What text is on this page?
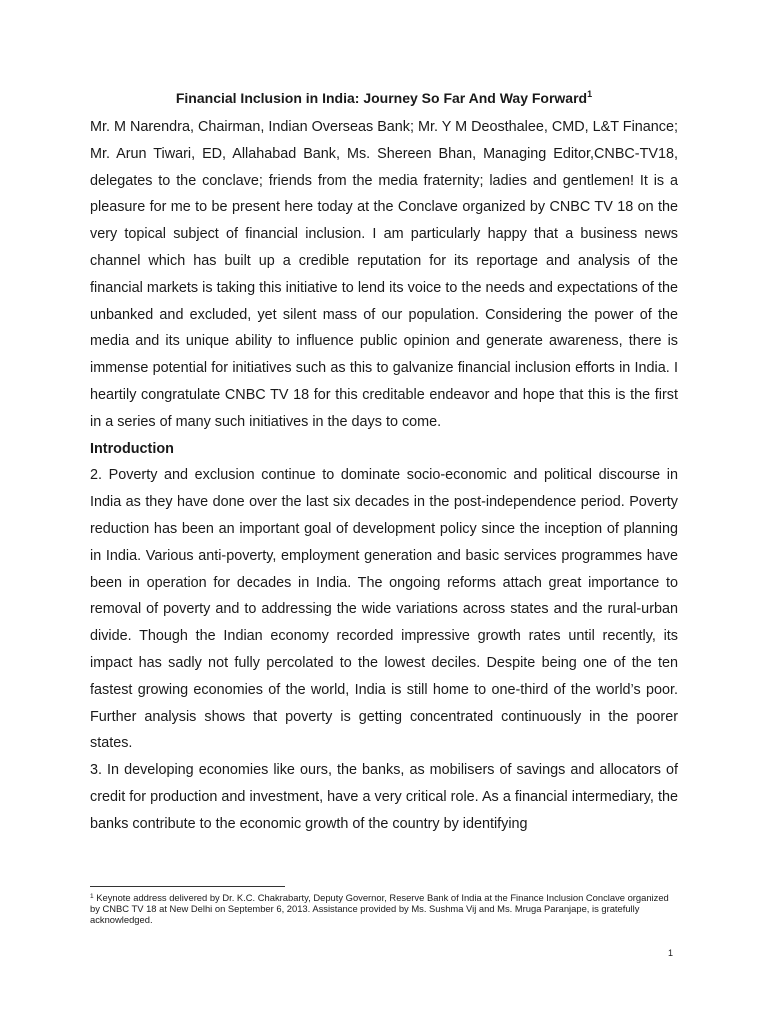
Financial Inclusion in India: Journey So Far And Way Forward$^1$

Mr. M Narendra, Chairman, Indian Overseas Bank; Mr. Y M Deosthalee, CMD, L&T Finance; Mr. Arun Tiwari, ED, Allahabad Bank, Ms. Shereen Bhan, Managing Editor,CNBC-TV18, delegates to the conclave; friends from the media fraternity; ladies and gentlemen! It is a pleasure for me to be present here today at the Conclave organized by CNBC TV 18 on the very topical subject of financial inclusion. I am particularly happy that a business news channel which has built up a credible reputation for its reportage and analysis of the financial markets is taking this initiative to lend its voice to the needs and expectations of the unbanked and excluded, yet silent mass of our population. Considering the power of the media and its unique ability to influence public opinion and generate awareness, there is immense potential for initiatives such as this to galvanize financial inclusion efforts in India. I heartily congratulate CNBC TV 18 for this creditable endeavor and hope that this is the first in a series of many such initiatives in the days to come.

Introduction

2. Poverty and exclusion continue to dominate socio-economic and political discourse in India as they have done over the last six decades in the post-independence period. Poverty reduction has been an important goal of development policy since the inception of planning in India. Various anti-poverty, employment generation and basic services programmes have been in operation for decades in India. The ongoing reforms attach great importance to removal of poverty and to addressing the wide variations across states and the rural-urban divide. Though the Indian economy recorded impressive growth rates until recently, its impact has sadly not fully percolated to the lowest deciles. Despite being one of the ten fastest growing economies of the world, India is still home to one-third of the world’s poor. Further analysis shows that poverty is getting concentrated continuously in the poorer states.

3. In developing economies like ours, the banks, as mobilisers of savings and allocators of credit for production and investment, have a very critical role. As a financial intermediary, the banks contribute to the economic growth of the country by identifying

$^1$ Keynote address delivered by Dr. K.C. Chakrabarty, Deputy Governor, Reserve Bank of India at the Finance Inclusion Conclave organized by CNBC TV 18 at New Delhi on September 6, 2013. Assistance provided by Ms. Sushma Vij and Ms. Mruga Paranjape, is gratefully acknowledged.
1
